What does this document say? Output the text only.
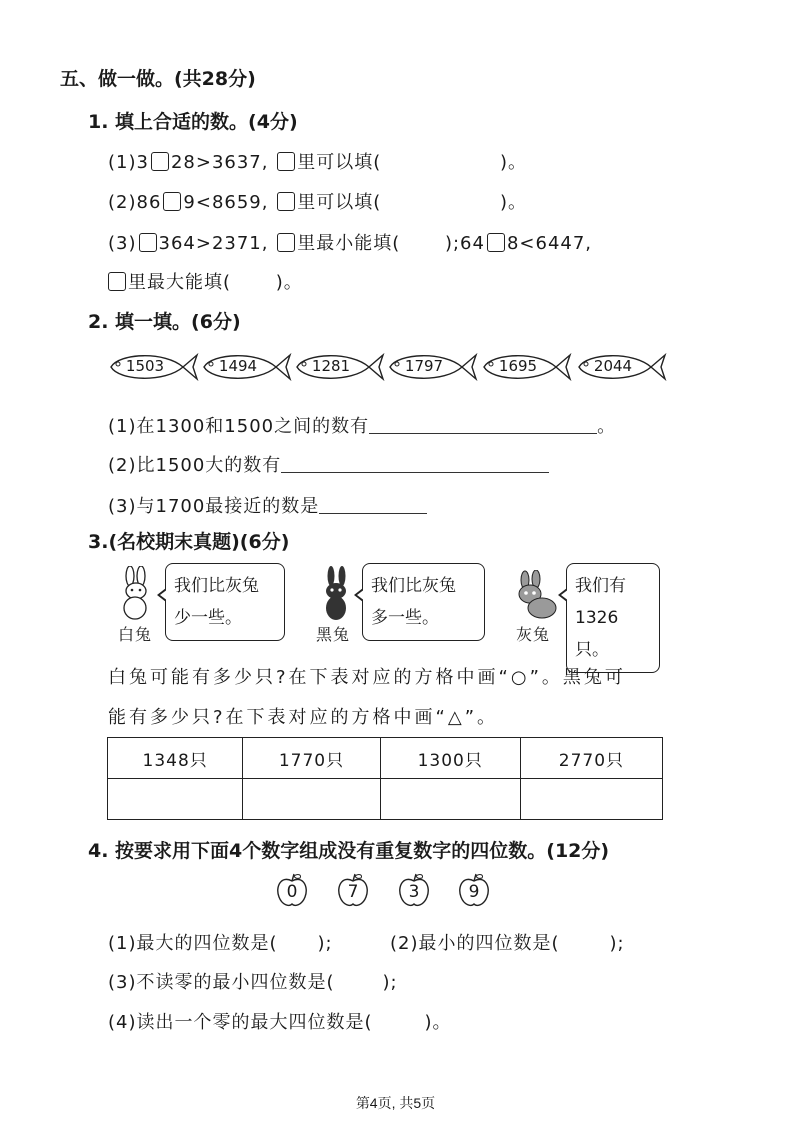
五、做一做。(共28分)
1. 填上合适的数。(4分)
(1)3 28>3637, 里可以填(	)。
(2)86 9<8659, 里可以填(	)。
(3) 364>2371, 里最小能填( );64 8<6447,
里最大能填( )。
2. 填一填。(6分)
1503	1494	1281	1797	1695	2044
(1)在1300和1500之间的数有	。
(2)比1500大的数有
(3)与1700最接近的数是
3.(名校期末真题)(6分)
白兔
我们比灰兔
少一些。
黑兔
我们比灰兔
多一些。
灰兔
我们有
1326只。
白兔可能有多少只?在下表对应的方格中画“○”。黑兔可
能有多少只?在下表对应的方格中画“△”。
1348只	1770只	1300只	2770只

4. 按要求用下面4个数字组成没有重复数字的四位数。(12分)
0	7	3	9
(1)最大的四位数是( );	(2)最小的四位数是(	);
(3)不读零的最小四位数是(	);
(4)读出一个零的最大四位数是(	)。
第4页, 共5页
